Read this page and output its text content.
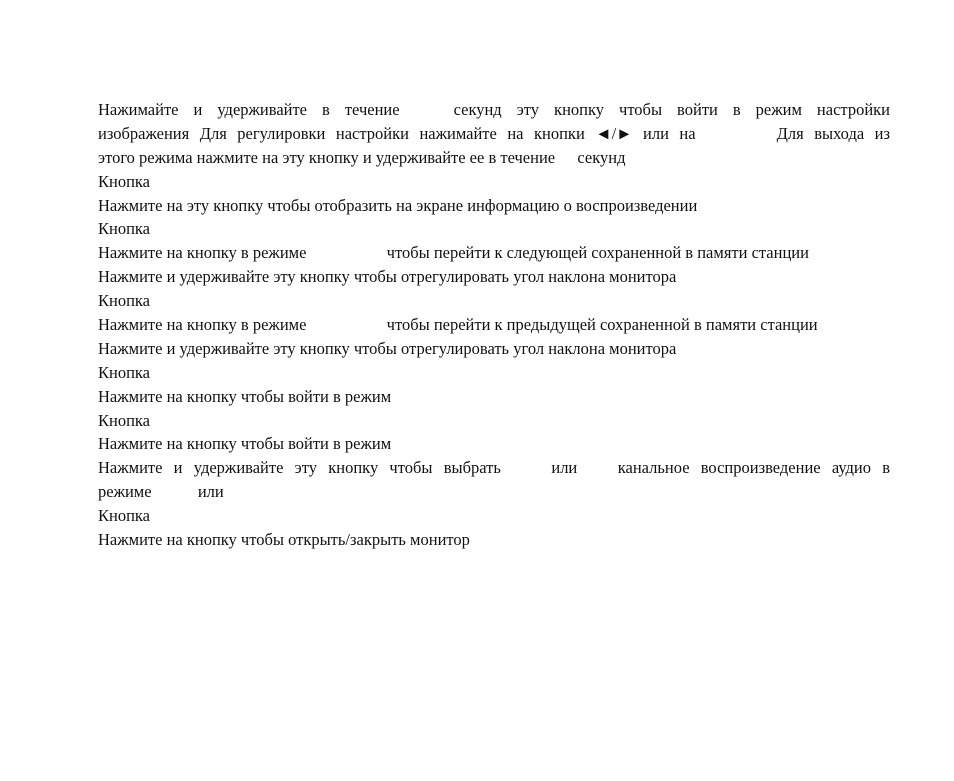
Нажимайте и удерживайте в течение	секунд эту кнопку чтобы войти в режим настройки
изображения Для регулировки настройки нажимайте на кнопки ◄/► или на	Для выхода из
этого режима нажмите на эту кнопку и удерживайте ее в течение секунд
Кнопка
Нажмите на эту кнопку чтобы отобразить на экране информацию о воспроизведении
Кнопка
Нажмите на кнопку в режиме	чтобы перейти к следующей сохраненной в памяти станции
Нажмите и удерживайте эту кнопку чтобы отрегулировать угол наклона монитора
Кнопка
Нажмите на кнопку в режиме	чтобы перейти к предыдущей сохраненной в памяти станции
Нажмите и удерживайте эту кнопку чтобы отрегулировать угол наклона монитора
Кнопка
Нажмите на кнопку чтобы войти в режим
Кнопка
Нажмите на кнопку чтобы войти в режим
Нажмите и удерживайте эту кнопку чтобы выбрать	или канальное воспроизведение аудио в
режиме	или
Кнопка
Нажмите на кнопку чтобы открыть/закрыть монитор
